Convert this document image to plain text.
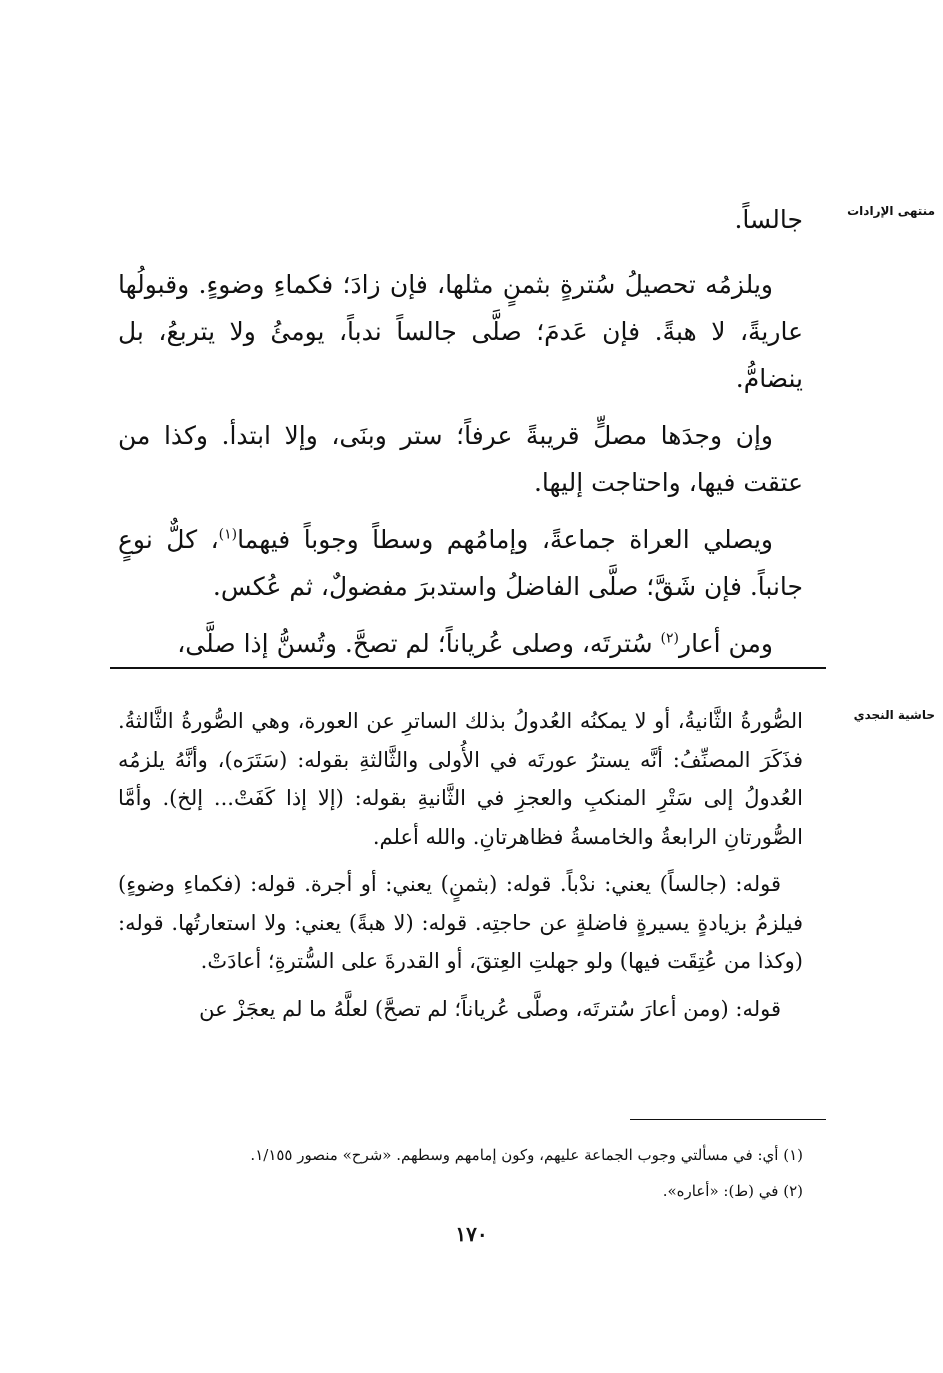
منتهى الإرادات

جالساً.

ويلزمُه تحصيلُ سُترةٍ بثمنٍ مثلها، فإن زادَ؛ فكماءِ وضوءٍ. وقبولُها عاريةً، لا هبةً. فإن عَدمَ؛ صلَّى جالساً ندباً، يومئُ ولا يتربعُ، بل ينضامُّ.

وإن وجدَها مصلٍّ قريبةً عرفاً؛ ستر وبنَى، وإلا ابتدأ. وكذا من عتقت فيها، واحتاجت إليها.

ويصلي العراة جماعةً، وإمامُهم وسطاً وجوباً فيهما$^{(١)}$، كلٌّ نوعٍ جانباً. فإن شَقَّ؛ صلَّى الفاضلُ واستدبرَ مفضولٌ، ثم عُكس.

ومن أعار$^{(٢)}$ سُترتَه، وصلى عُرياناً؛ لم تصحَّ. وتُسنُّ إذا صلَّى،

حاشية النجدي

الصُّورةُ الثَّانيةُ، أو لا يمكنُه العُدولُ بذلك الساترِ عن العورة، وهي الصُّورةُ الثَّالثةُ. فذَكَرَ المصنِّفُ: أنَّه يسترُ عورتَه في الأُولى والثَّالثةِ بقوله: (سَتَرَه)، وأنَّهُ يلزمُه العُدولُ إلى سَتْرِ المنكبِ والعجزِ في الثَّانيةِ بقوله: (إلا إذا كَفَتْ... إلخ). وأمَّا الصُّورتانِ الرابعةُ والخامسةُ فظاهرتانِ. والله أعلم.

قوله: (جالساً) يعني: ندْباً. قوله: (بثمنٍ) يعني: أو أجرة. قوله: (فكماءِ وضوءٍ) فيلزمُ بزيادةٍ يسيرةٍ فاضلةٍ عن حاجتِه. قوله: (لا هبةً) يعني: ولا استعارتُها. قوله: (وكذا من عُتِقَت فيها) ولو جهلتِ العِتقَ، أو القدرةَ على السُّترةِ؛ أعادَتْ.

قوله: (ومن أعارَ سُترتَه، وصلَّى عُرياناً؛ لم تصحَّ) لعلَّهُ ما لم يعجَزْ عن

(١) أي: في مسألتي وجوب الجماعة عليهم، وكون إمامهم وسطهم. «شرح» منصور ١/١٥٥.
(٢) في (ط): «أعاره».
١٧٠
